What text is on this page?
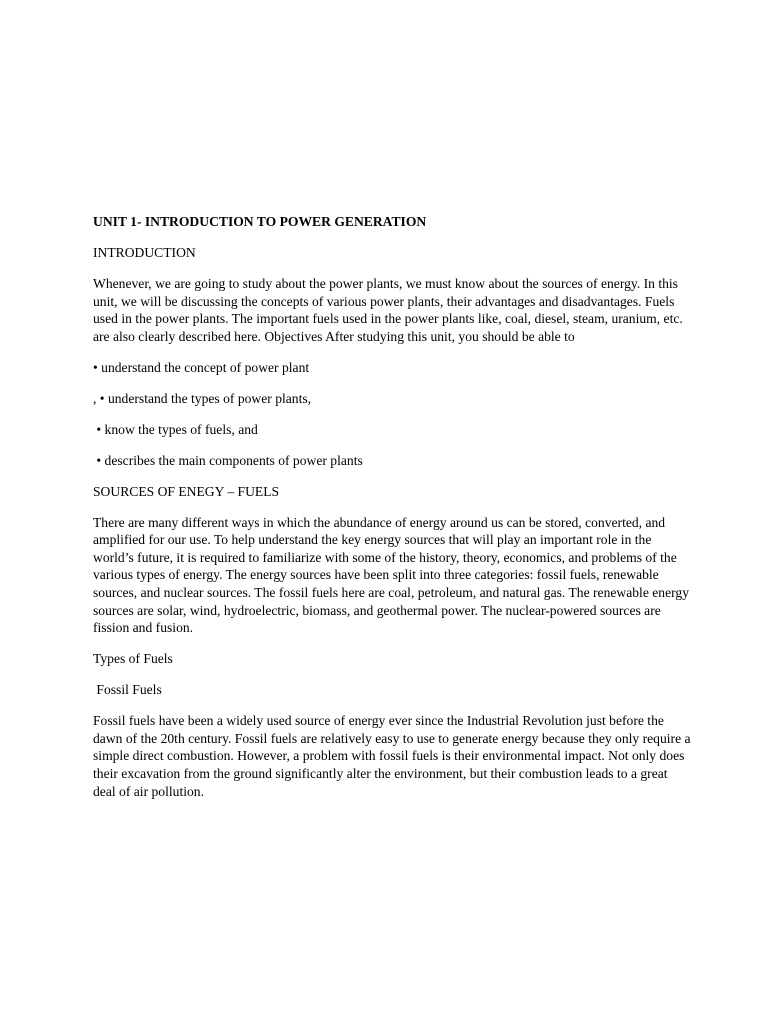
UNIT 1- INTRODUCTION TO POWER GENERATION

INTRODUCTION

Whenever, we are going to study about the power plants, we must know about the sources of energy. In this unit, we will be discussing the concepts of various power plants, their advantages and disadvantages. Fuels used in the power plants. The important fuels used in the power plants like, coal, diesel, steam, uranium, etc. are also clearly described here. Objectives After studying this unit, you should be able to

• understand the concept of power plant

, • understand the types of power plants,

• know the types of fuels, and

• describes the main components of power plants

SOURCES OF ENEGY – FUELS

There are many different ways in which the abundance of energy around us can be stored, converted, and amplified for our use. To help understand the key energy sources that will play an important role in the world’s future, it is required to familiarize with some of the history, theory, economics, and problems of the various types of energy. The energy sources have been split into three categories: fossil fuels, renewable sources, and nuclear sources. The fossil fuels here are coal, petroleum, and natural gas. The renewable energy sources are solar, wind, hydroelectric, biomass, and geothermal power. The nuclear-powered sources are fission and fusion.

Types of Fuels

Fossil Fuels

Fossil fuels have been a widely used source of energy ever since the Industrial Revolution just before the dawn of the 20th century. Fossil fuels are relatively easy to use to generate energy because they only require a simple direct combustion. However, a problem with fossil fuels is their environmental impact. Not only does their excavation from the ground significantly alter the environment, but their combustion leads to a great deal of air pollution.
